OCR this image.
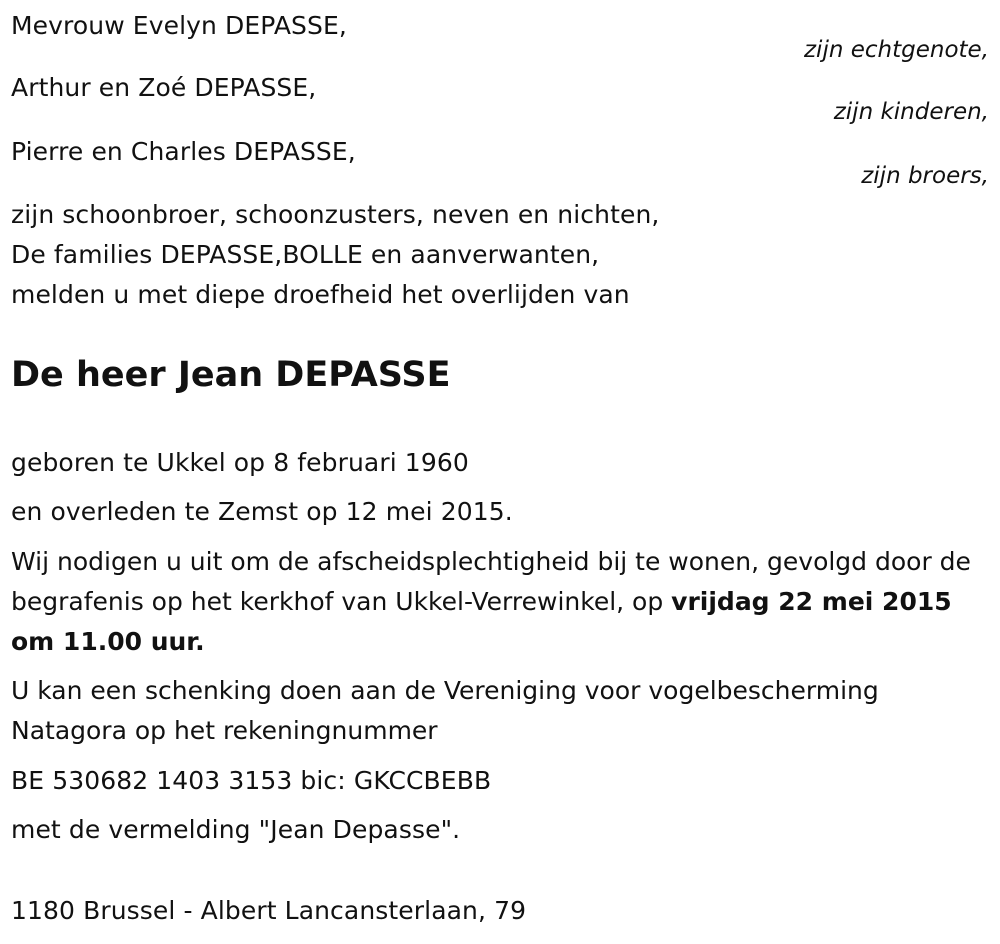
Mevrouw Evelyn DEPASSE,
zijn echtgenote,
Arthur en Zoé DEPASSE,
zijn kinderen,
Pierre en Charles DEPASSE,
zijn broers,
zijn schoonbroer, schoonzusters, neven en nichten,
De families DEPASSE,BOLLE en aanverwanten,
melden u met diepe droefheid het overlijden van
De heer Jean DEPASSE
geboren te Ukkel op 8 februari 1960
en overleden te Zemst op 12 mei 2015.
Wij nodigen u uit om de afscheidsplechtigheid bij te wonen, gevolgd door de begrafenis op het kerkhof van Ukkel-Verrewinkel, op vrijdag 22 mei 2015 om 11.00 uur.
U kan een schenking doen aan de Vereniging voor vogelbescherming Natagora op het rekeningnummer
BE 530682 1403 3153 bic: GKCCBEBB
met de vermelding "Jean Depasse".
1180 Brussel - Albert Lancansterlaan, 79
